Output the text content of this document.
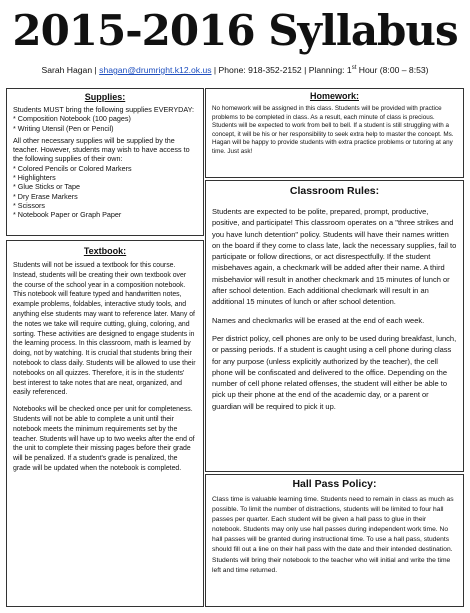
2015-2016 Syllabus
Sarah Hagan | shagan@drumright.k12.ok.us | Phone: 918-352-2152 | Planning: 1st Hour (8:00 – 8:53)
Supplies:

Students MUST bring the following supplies EVERYDAY:

* Composition Notebook (100 pages)

* Writing Utensil (Pen or Pencil)

All other necessary supplies will be supplied by the teacher. However, students may wish to have access to the following supplies of their own:

* Colored Pencils or Colored Markers

* Highlighters

* Glue Sticks or Tape

* Dry Erase Markers

* Scissors

* Notebook Paper or Graph Paper

Textbook:

Students will not be issued a textbook for this course. Instead, students will be creating their own textbook over the course of the school year in a composition notebook. This notebook will feature typed and handwritten notes, example problems, foldables, interactive study tools, and anything else students may want to reference later. Many of the notes we take will require cutting, gluing, coloring, and sorting. These activities are designed to engage students in the learning process. In this classroom, math is learned by doing, not by watching. It is crucial that students bring their notebook to class daily. Students will be allowed to use their notebooks on all quizzes. Therefore, it is in the students' best interest to take notes that are neat, organized, and easily referenced.

Notebooks will be checked once per unit for completeness. Students will not be able to complete a unit until their notebook meets the minimum requirements set by the teacher. Students will have up to two weeks after the end of the unit to complete their missing pages before their grade will be penalized. If a student's grade is penalized, the grade will be updated when the notebook is completed.

Homework:

No homework will be assigned in this class. Students will be provided with practice problems to be completed in class. As a result, each minute of class is precious. Students will be expected to work from bell to bell. If a student is still struggling with a concept, it will be his or her responsibility to seek extra help to master the concept. Ms. Hagan will be happy to provide students with extra practice problems or tutoring at any time. Just ask!

Classroom Rules:

Students are expected to be polite, prepared, prompt, productive, positive, and participate! This classroom operates on a "three strikes and you have lunch detention" policy. Students will have their names written on the board if they come to class late, lack the necessary supplies, fail to participate or follow directions, or act disrespectfully. If the student misbehaves again, a checkmark will be added after their name. A third misbehavior will result in another checkmark and 15 minutes of lunch or after school detention. Each additional checkmark will result in an additional 15 minutes of lunch or after school detention.

Names and checkmarks will be erased at the end of each week.

Per district policy, cell phones are only to be used during breakfast, lunch, or passing periods. If a student is caught using a cell phone during class for any purpose (unless explicitly authorized by the teacher), the cell phone will be confiscated and delivered to the office. Depending on the number of cell phone related offenses, the student will either be able to pick up their phone at the end of the academic day, or a parent or guardian will be required to pick it up.

Hall Pass Policy:

Class time is valuable learning time. Students need to remain in class as much as possible. To limit the number of distractions, students will be limited to four hall passes per quarter. Each student will be given a hall pass to glue in their notebook. Students may only use hall passes during independent work time. No hall passes will be granted during instructional time. To use a hall pass, students should fill out a line on their hall pass with the date and their intended destination. Students will bring their notebook to the teacher who will initial and write the time left and time returned.
